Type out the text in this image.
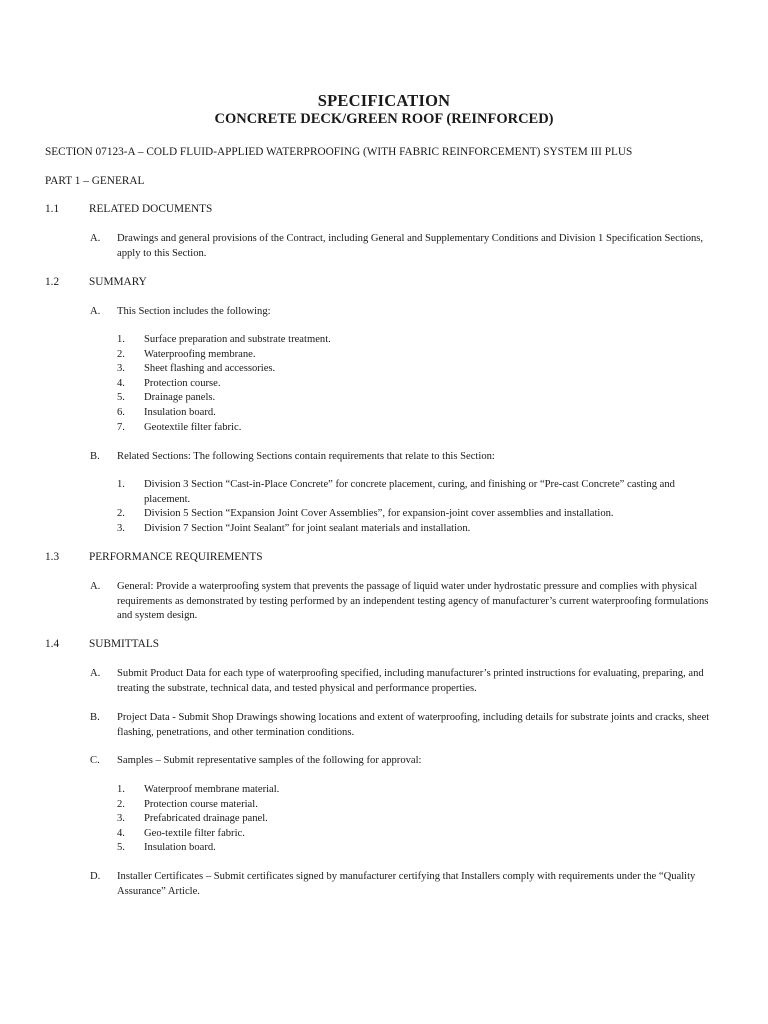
SPECIFICATION
CONCRETE DECK/GREEN ROOF (REINFORCED)
SECTION 07123-A – COLD FLUID-APPLIED WATERPROOFING (WITH FABRIC REINFORCEMENT) SYSTEM III PLUS
PART 1 – GENERAL
1.1	RELATED DOCUMENTS
A. Drawings and general provisions of the Contract, including General and Supplementary Conditions and Division 1 Specification Sections, apply to this Section.
1.2	SUMMARY
A. This Section includes the following:
1. Surface preparation and substrate treatment.
2. Waterproofing membrane.
3. Sheet flashing and accessories.
4. Protection course.
5. Drainage panels.
6. Insulation board.
7. Geotextile filter fabric.
B. Related Sections: The following Sections contain requirements that relate to this Section:
1. Division 3 Section “Cast-in-Place Concrete” for concrete placement, curing, and finishing or “Pre-cast Concrete” casting and placement.
2. Division 5 Section “Expansion Joint Cover Assemblies”, for expansion-joint cover assemblies and installation.
3. Division 7 Section “Joint Sealant” for joint sealant materials and installation.
1.3	PERFORMANCE REQUIREMENTS
A. General: Provide a waterproofing system that prevents the passage of liquid water under hydrostatic pressure and complies with physical requirements as demonstrated by testing performed by an independent testing agency of manufacturer’s current waterproofing formulations and system design.
1.4	SUBMITTALS
A. Submit Product Data for each type of waterproofing specified, including manufacturer’s printed instructions for evaluating, preparing, and treating the substrate, technical data, and tested physical and performance properties.
B. Project Data - Submit Shop Drawings showing locations and extent of waterproofing, including details for substrate joints and cracks, sheet flashing, penetrations, and other termination conditions.
C. Samples – Submit representative samples of the following for approval:
1. Waterproof membrane material.
2. Protection course material.
3. Prefabricated drainage panel.
4. Geo-textile filter fabric.
5. Insulation board.
D. Installer Certificates – Submit certificates signed by manufacturer certifying that Installers comply with requirements under the “Quality Assurance” Article.
